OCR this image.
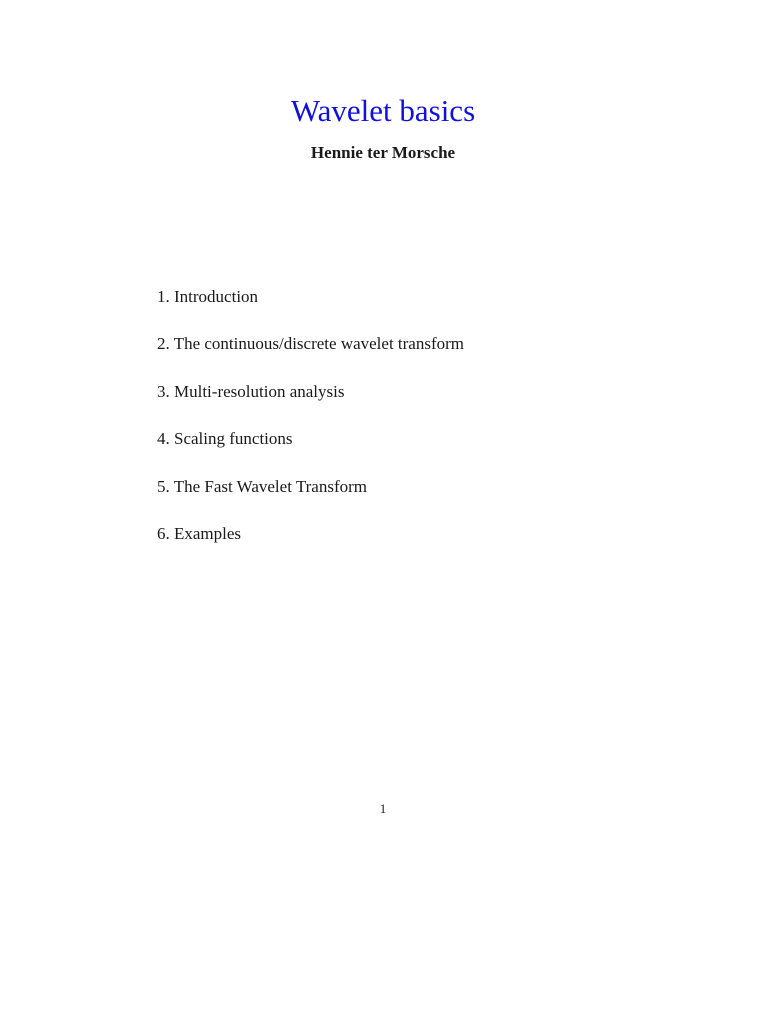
Wavelet basics
Hennie ter Morsche
1. Introduction
2. The continuous/discrete wavelet transform
3. Multi-resolution analysis
4. Scaling functions
5. The Fast Wavelet Transform
6. Examples
1
